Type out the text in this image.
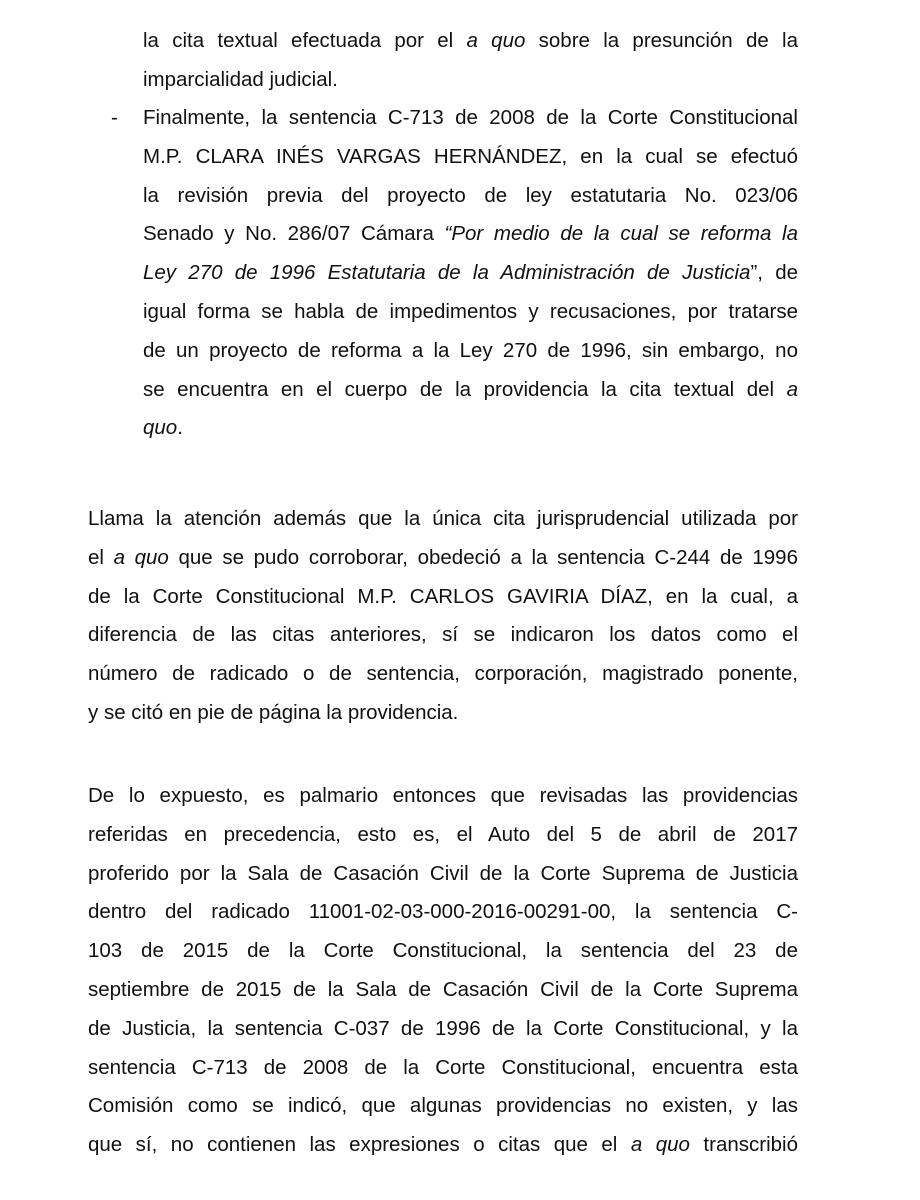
la cita textual efectuada por el a quo sobre la presunción de la
imparcialidad judicial.
- Finalmente, la sentencia C-713 de 2008 de la Corte Constitucional
M.P. CLARA INÉS VARGAS HERNÁNDEZ, en la cual se efectuó
la revisión previa del proyecto de ley estatutaria No. 023/06
Senado y No. 286/07 Cámara “Por medio de la cual se reforma la
Ley 270 de 1996 Estatutaria de la Administración de Justicia”, de
igual forma se habla de impedimentos y recusaciones, por tratarse
de un proyecto de reforma a la Ley 270 de 1996, sin embargo, no
se encuentra en el cuerpo de la providencia la cita textual del a
quo.
Llama la atención además que la única cita jurisprudencial utilizada por
el a quo que se pudo corroborar, obedeció a la sentencia C-244 de 1996
de la Corte Constitucional M.P. CARLOS GAVIRIA DÍAZ, en la cual, a
diferencia de las citas anteriores, sí se indicaron los datos como el
número de radicado o de sentencia, corporación, magistrado ponente,
y se citó en pie de página la providencia.
De lo expuesto, es palmario entonces que revisadas las providencias
referidas en precedencia, esto es, el Auto del 5 de abril de 2017
proferido por la Sala de Casación Civil de la Corte Suprema de Justicia
dentro del radicado 11001-02-03-000-2016-00291-00, la sentencia C-
103 de 2015 de la Corte Constitucional, la sentencia del 23 de
septiembre de 2015 de la Sala de Casación Civil de la Corte Suprema
de Justicia, la sentencia C-037 de 1996 de la Corte Constitucional, y la
sentencia C-713 de 2008 de la Corte Constitucional, encuentra esta
Comisión como se indicó, que algunas providencias no existen, y las
que sí, no contienen las expresiones o citas que el a quo transcribió
